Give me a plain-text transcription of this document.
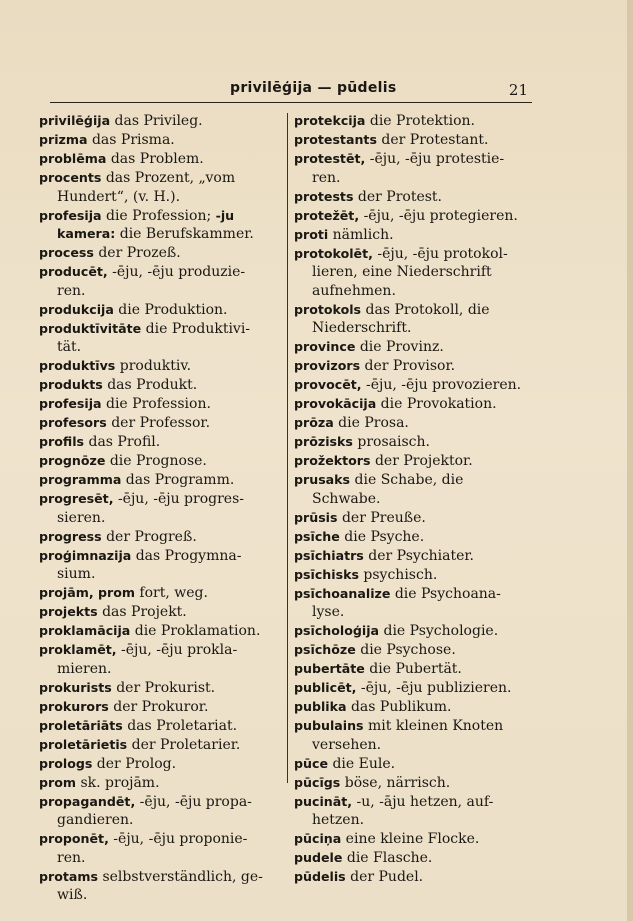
privilēģija — pūdelis	21
privilēģija das Privileg.
prizma das Prisma.
problēma das Problem.
procents das Prozent, „vom
Hundert“, (v. H.).
profesija die Profession; -ju
kamera: die Berufskammer.
process der Prozeß.
producēt, -ēju, -ēju produzie-
ren.
produkcija die Produktion.
produktīvitāte die Produktivi-
tät.
produktīvs produktiv.
produkts das Produkt.
profesija die Profession.
profesors der Professor.
profils das Profil.
prognōze die Prognose.
programma das Programm.
progresēt, -ēju, -ēju progres-
sieren.
progress der Progreß.
proģimnazija das Progymna-
sium.
projām, prom fort, weg.
projekts das Projekt.
proklamācija die Proklamation.
proklamēt, -ēju, -ēju prokla-
mieren.
prokurists der Prokurist.
prokurors der Prokuror.
proletāriāts das Proletariat.
proletārietis der Proletarier.
prologs der Prolog.
prom sk. projām.
propagandēt, -ēju, -ēju propa-
gandieren.
proponēt, -ēju, -ēju proponie-
ren.
protams selbstverständlich, ge-
wiß.
protekcija die Protektion.
protestants der Protestant.
protestēt, -ēju, -ēju protestie-
ren.
protests der Protest.
protežēt, -ēju, -ēju protegieren.
proti nämlich.
protokolēt, -ēju, -ēju protokol-
lieren, eine Niederschrift
aufnehmen.
protokols das Protokoll, die
Niederschrift.
province die Provinz.
provizors der Provisor.
provocēt, -ēju, -ēju provozieren.
provokācija die Provokation.
prōza die Prosa.
prōzisks prosaisch.
prožektors der Projektor.
prusaks die Schabe, die
Schwabe.
prūsis der Preuße.
psīche die Psyche.
psīchiatrs der Psychiater.
psīchisks psychisch.
psīchoanalize die Psychoana-
lyse.
psīcholoģija die Psychologie.
psīchōze die Psychose.
pubertāte die Pubertät.
publicēt, -ēju, -ēju publizieren.
publika das Publikum.
pubulains mit kleinen Knoten
versehen.
pūce die Eule.
pūcīgs böse, närrisch.
pucināt, -u, -āju hetzen, auf-
hetzen.
pūciņa eine kleine Flocke.
pudele die Flasche.
pūdelis der Pudel.
